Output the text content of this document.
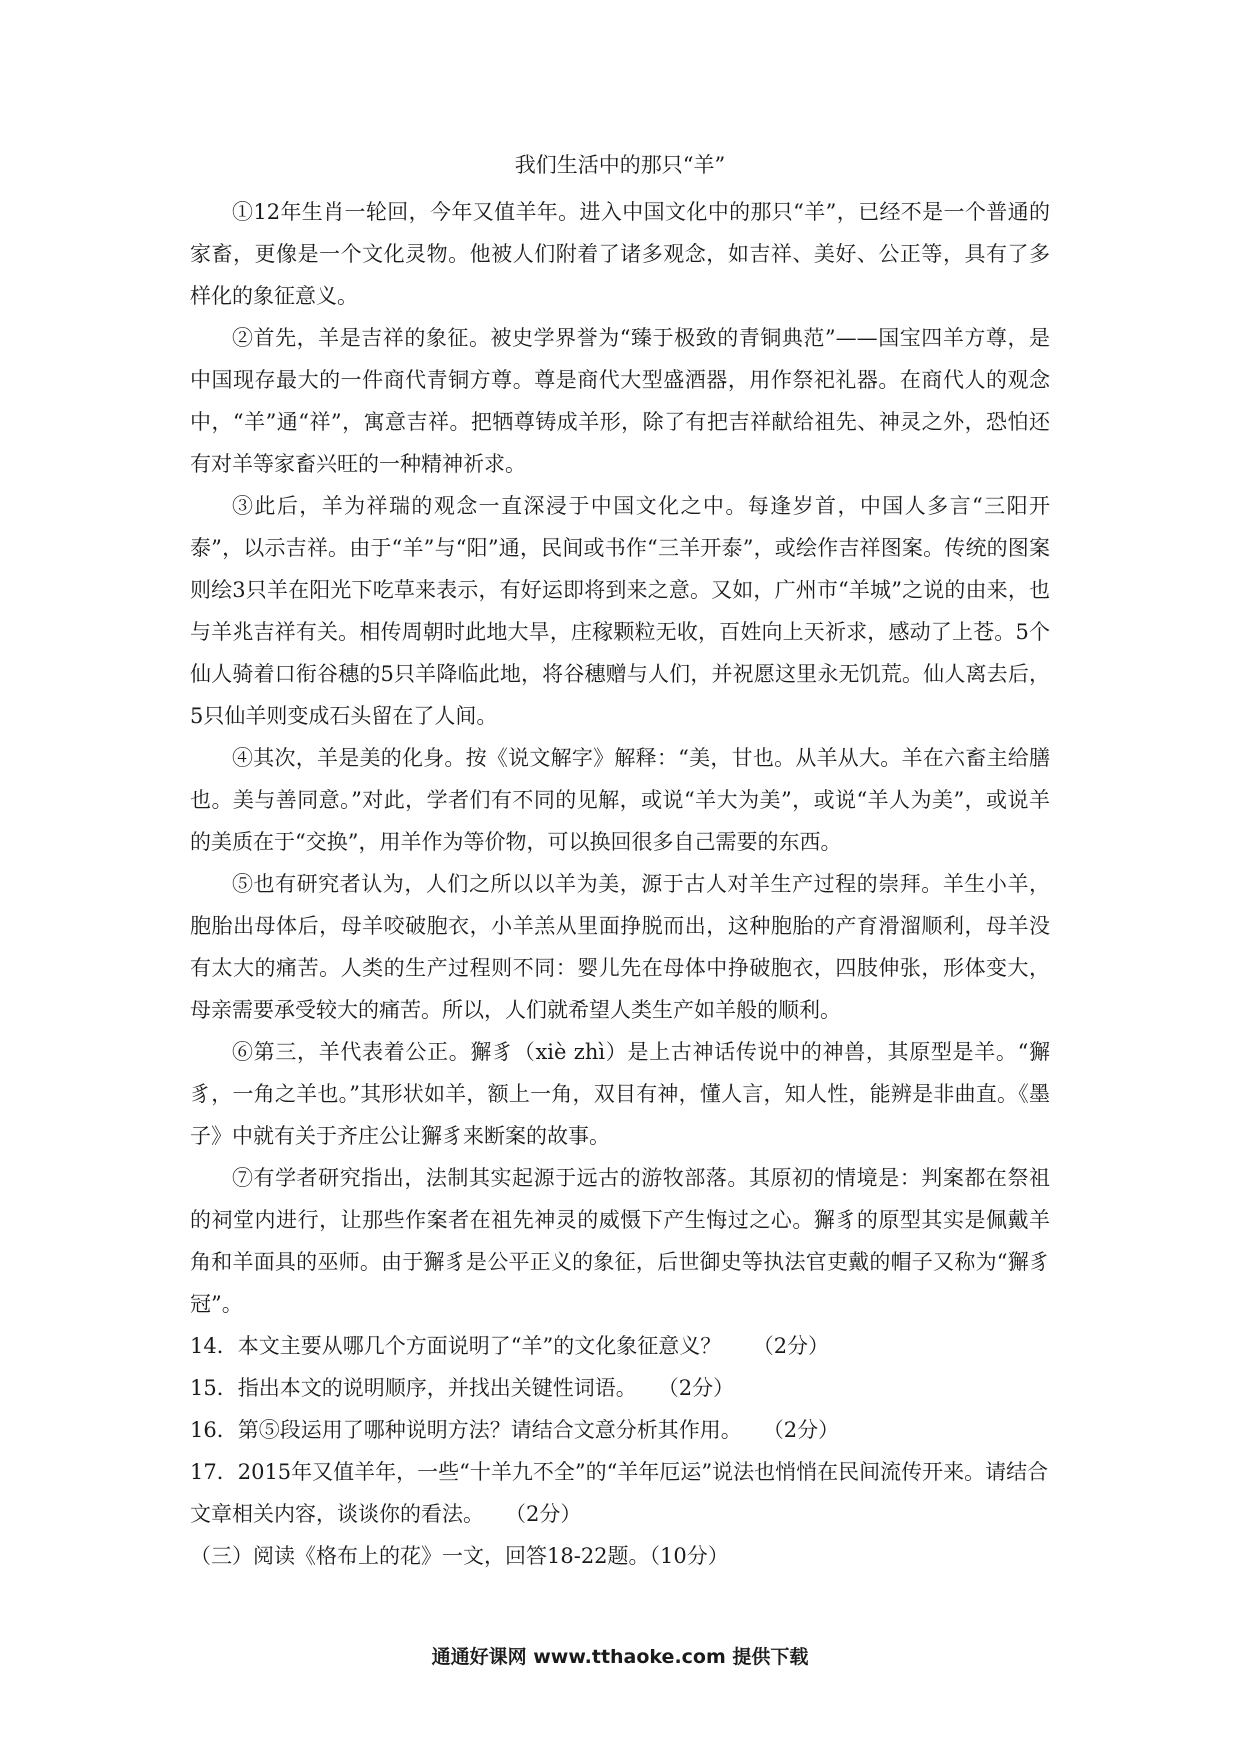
我们生活中的那只“羊”

①12年生肖一轮回，今年又值羊年。进入中国文化中的那只“羊”，已经不是一个普通的家畜，更像是一个文化灵物。他被人们附着了诸多观念，如吉祥、美好、公正等，具有了多样化的象征意义。

②首先，羊是吉祥的象征。被史学界誉为“臻于极致的青铜典范”——国宝四羊方尊，是中国现存最大的一件商代青铜方尊。尊是商代大型盛酒器，用作祭祀礼器。在商代人的观念中，“羊”通“祥”，寓意吉祥。把牺尊铸成羊形，除了有把吉祥献给祖先、神灵之外，恐怕还有对羊等家畜兴旺的一种精神祈求。

③此后，羊为祥瑞的观念一直深浸于中国文化之中。每逢岁首，中国人多言“三阳开泰”，以示吉祥。由于“羊”与“阳”通，民间或书作“三羊开泰”，或绘作吉祥图案。传统的图案则绘3只羊在阳光下吃草来表示，有好运即将到来之意。又如，广州市“羊城”之说的由来，也与羊兆吉祥有关。相传周朝时此地大旱，庄稼颗粒无收，百姓向上天祈求，感动了上苍。5个仙人骑着口衔谷穗的5只羊降临此地，将谷穗赠与人们，并祝愿这里永无饥荒。仙人离去后，5只仙羊则变成石头留在了人间。

④其次，羊是美的化身。按《说文解字》解释：“美，甘也。从羊从大。羊在六畜主给膳也。美与善同意。”对此，学者们有不同的见解，或说“羊大为美”，或说“羊人为美”，或说羊的美质在于“交换”，用羊作为等价物，可以换回很多自己需要的东西。

⑤也有研究者认为，人们之所以以羊为美，源于古人对羊生产过程的崇拜。羊生小羊，胞胎出母体后，母羊咬破胞衣，小羊羔从里面挣脱而出，这种胞胎的产育滑溜顺利，母羊没有太大的痛苦。人类的生产过程则不同：婴儿先在母体中挣破胞衣，四肢伸张，形体变大，母亲需要承受较大的痛苦。所以，人们就希望人类生产如羊般的顺利。

⑥第三，羊代表着公正。獬豸（xiè zhì）是上古神话传说中的神兽，其原型是羊。“獬豸，一角之羊也。”其形状如羊，额上一角，双目有神，懂人言，知人性，能辨是非曲直。《墨子》中就有关于齐庄公让獬豸来断案的故事。

⑦有学者研究指出，法制其实起源于远古的游牧部落。其原初的情境是：判案都在祭祖的祠堂内进行，让那些作案者在祖先神灵的威慑下产生悔过之心。獬豸的原型其实是佩戴羊角和羊面具的巫师。由于獬豸是公平正义的象征，后世御史等执法官吏戴的帽子又称为“獬豸冠”。

14．本文主要从哪几个方面说明了“羊”的文化象征意义？　　（2分）

15．指出本文的说明顺序，并找出关键性词语。　　（2分）

16．第⑤段运用了哪种说明方法？请结合文意分析其作用。　　（2分）

17．2015年又值羊年，一些“十羊九不全”的“羊年厄运”说法也悄悄在民间流传开来。请结合文章相关内容，谈谈你的看法。　　（2分）

（三）阅读《格布上的花》一文，回答18-22题。（10分）

通通好课网 www.tthaoke.com 提供下载
